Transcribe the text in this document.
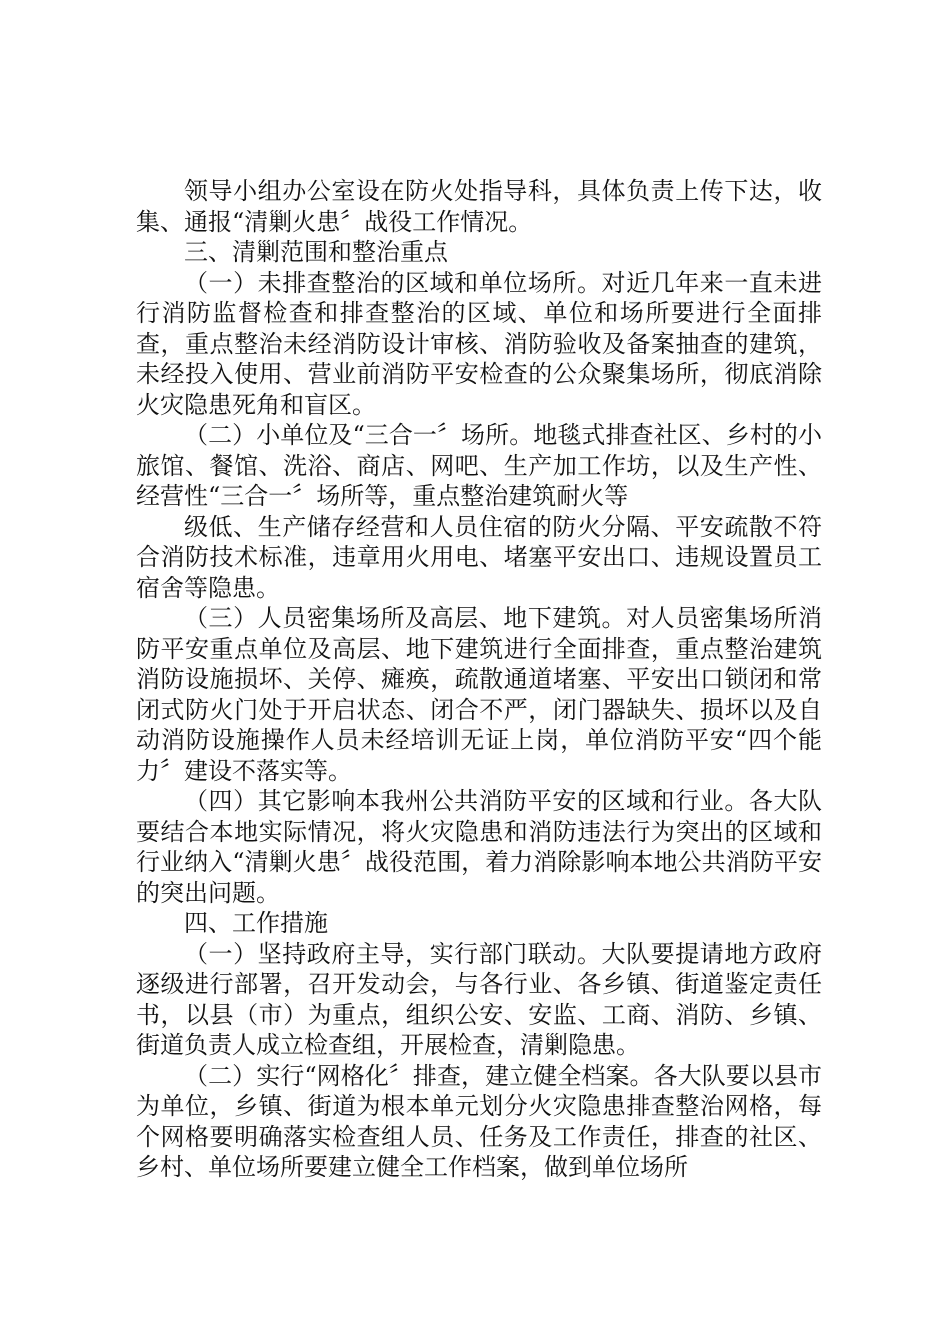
领导小组办公室设在防火处指导科，具体负责上传下达，收集、通报“清剿火患〞战役工作情况。

三、清剿范围和整治重点

（一）未排查整治的区域和单位场所。对近几年来一直未进行消防监督检查和排查整治的区域、单位和场所要进行全面排查，重点整治未经消防设计审核、消防验收及备案抽查的建筑，未经投入使用、营业前消防平安检查的公众聚集场所，彻底消除火灾隐患死角和盲区。

（二）小单位及“三合一〞场所。地毯式排查社区、乡村的小旅馆、餐馆、洗浴、商店、网吧、生产加工作坊，以及生产性、经营性“三合一〞场所等，重点整治建筑耐火等

级低、生产储存经营和人员住宿的防火分隔、平安疏散不符合消防技术标准，违章用火用电、堵塞平安出口、违规设置员工宿舍等隐患。

（三）人员密集场所及高层、地下建筑。对人员密集场所消防平安重点单位及高层、地下建筑进行全面排查，重点整治建筑消防设施损坏、关停、瘫痪，疏散通道堵塞、平安出口锁闭和常闭式防火门处于开启状态、闭合不严，闭门器缺失、损坏以及自动消防设施操作人员未经培训无证上岗，单位消防平安“四个能力〞建设不落实等。

（四）其它影响本我州公共消防平安的区域和行业。各大队要结合本地实际情况，将火灾隐患和消防违法行为突出的区域和行业纳入“清剿火患〞战役范围，着力消除影响本地公共消防平安的突出问题。

四、工作措施

（一）坚持政府主导，实行部门联动。大队要提请地方政府逐级进行部署，召开发动会，与各行业、各乡镇、街道鉴定责任书，以县（市）为重点，组织公安、安监、工商、消防、乡镇、街道负责人成立检查组，开展检查，清剿隐患。

（二）实行“网格化〞排查，建立健全档案。各大队要以县市为单位，乡镇、街道为根本单元划分火灾隐患排查整治网格，每个网格要明确落实检查组人员、任务及工作责任，排查的社区、乡村、单位场所要建立健全工作档案，做到单位场所
